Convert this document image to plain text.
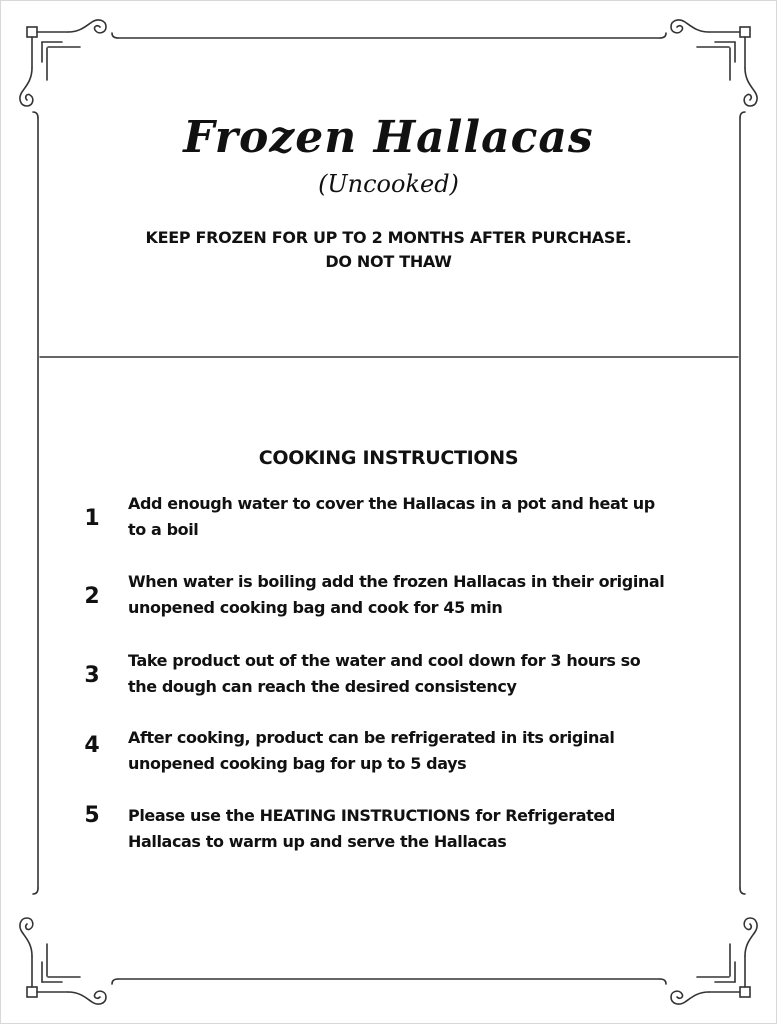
Frozen Hallacas
(Uncooked)
KEEP FROZEN FOR UP TO 2 MONTHS AFTER PURCHASE.
DO NOT THAW
COOKING INSTRUCTIONS
1
Add enough water to cover the Hallacas in a pot and heat up to a boil
2
When water is boiling add the frozen Hallacas in their original unopened cooking bag and cook for 45 min
3
Take product out of the water and cool down for 3 hours so the dough can reach the desired consistency
4	After cooking, product can be refrigerated in its original unopened cooking bag for up to 5 days
5	Please use the HEATING INSTRUCTIONS for Refrigerated Hallacas to warm up and serve the Hallacas
